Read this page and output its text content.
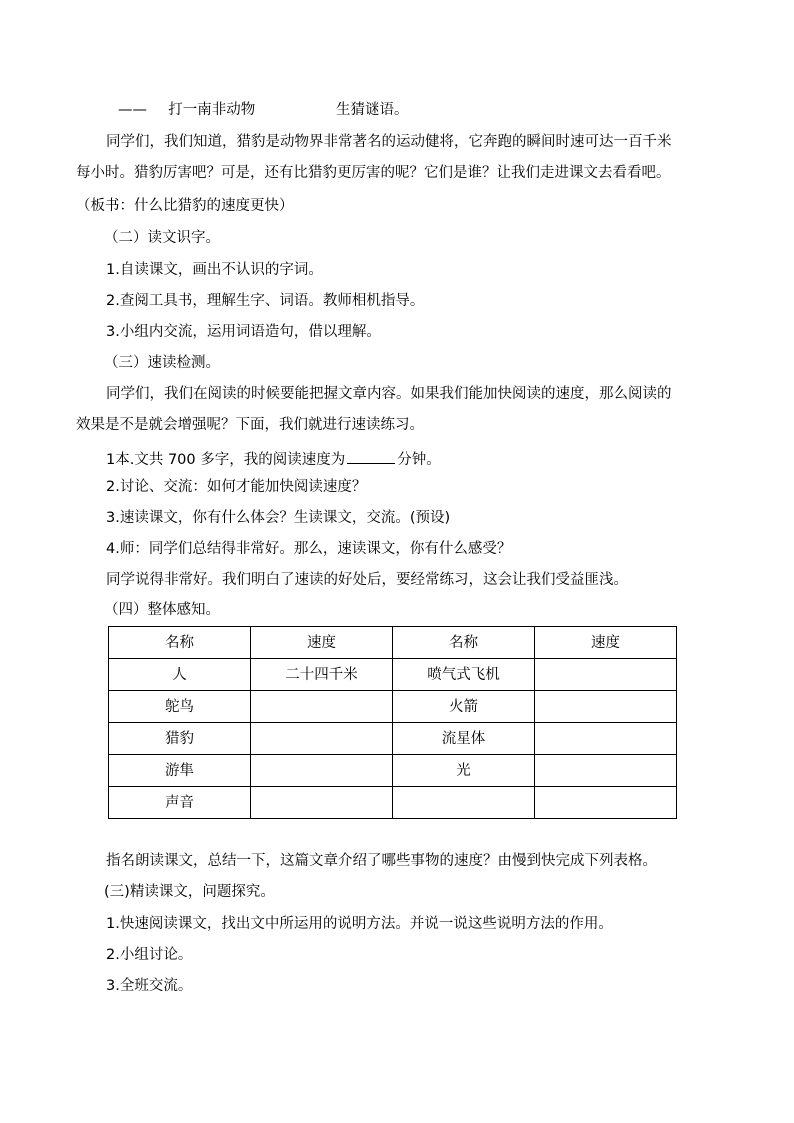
—— 打一南非动物	生猜谜语。
同学们，我们知道，猎豹是动物界非常著名的运动健将，它奔跑的瞬间时速可达一百千米
每小时。猎豹厉害吧？可是，还有比猎豹更厉害的呢？它们是谁？让我们走进课文去看看吧。
（板书：什么比猎豹的速度更快）
（二）读文识字。
1.自读课文，画出不认识的字词。
2.查阅工具书，理解生字、词语。教师相机指导。
3.小组内交流，运用词语造句，借以理解。
（三）速读检测。
同学们，我们在阅读的时候要能把握文章内容。如果我们能加快阅读的速度，那么阅读的
效果是不是就会增强呢？下面，我们就进行速读练习。
1本.文共 700 多字，我的阅读速度为	分钟。
2.讨论、交流：如何才能加快阅读速度？
3.速读课文，你有什么体会？生读课文，交流。(预设)
4.师：同学们总结得非常好。那么，速读课文，你有什么感受？
同学说得非常好。我们明白了速读的好处后，要经常练习，这会让我们受益匪浅。
（四）整体感知。
名称	速度	名称	速度
人	二十四千米	喷气式飞机	
鸵鸟		火箭	
猎豹		流星体	
游隼		光	
声音			
指名朗读课文，总结一下，这篇文章介绍了哪些事物的速度？由慢到快完成下列表格。
(三)精读课文，问题探究。
1.快速阅读课文，找出文中所运用的说明方法。并说一说这些说明方法的作用。
2.小组讨论。
3.全班交流。
